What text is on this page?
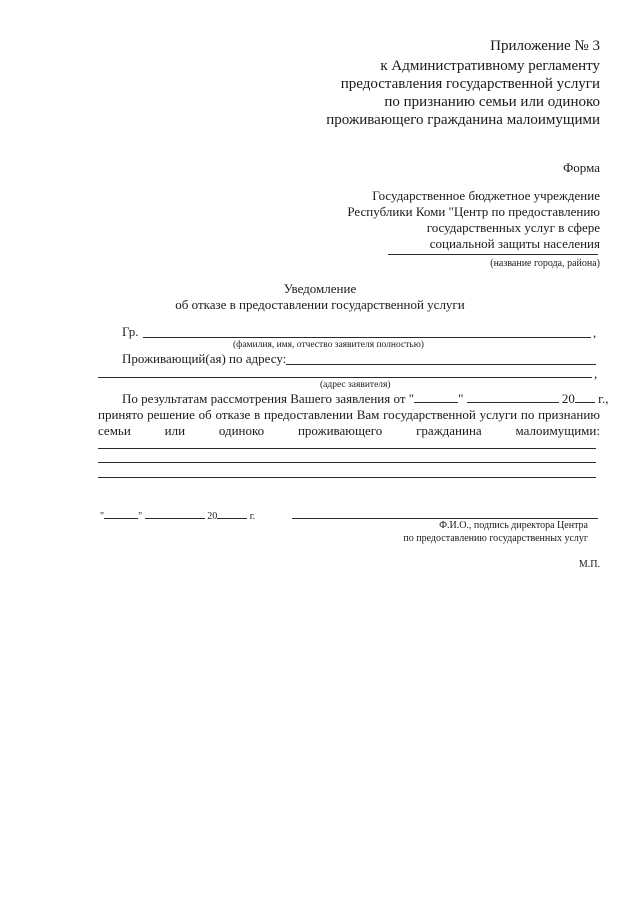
Приложение № 3
к Административному регламенту
предоставления государственной услуги
по признанию семьи или одиноко
проживающего гражданина малоимущими
Форма
Государственное бюджетное учреждение
Республики Коми "Центр по предоставлению
государственных услуг в сфере
социальной защиты населения
(название города, района)
Уведомление
об отказе в предоставлении государственной услуги
Гр.	,
(фамилия, имя, отчество заявителя полностью)
Проживающий(ая) по адресу:
,
(адрес заявителя)
По результатам рассмотрения Вашего заявления от "	"	20 г.,
принято решение об отказе в предоставлении Вам государственной услуги по признанию
семьи	или	одиноко	проживающего	гражданина	малоимущими:
"	"	20	г.
Ф.И.О., подпись директора Центра
по предоставлению государственных услуг
М.П.
